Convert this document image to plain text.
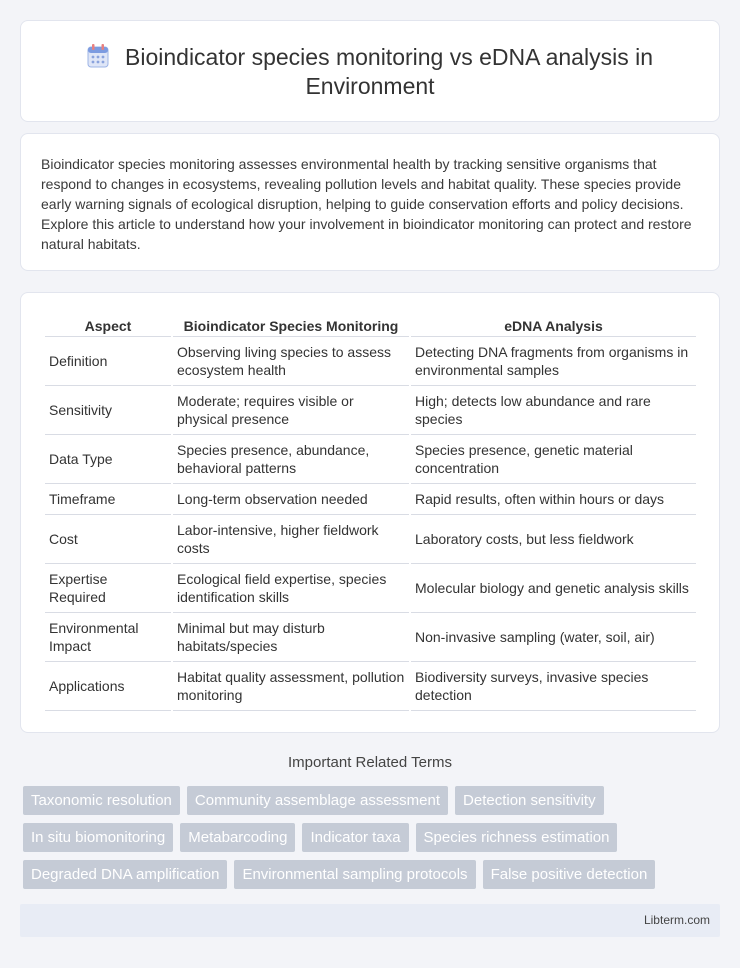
Bioindicator species monitoring vs eDNA analysis in Environment

Bioindicator species monitoring assesses environmental health by tracking sensitive organisms that respond to changes in ecosystems, revealing pollution levels and habitat quality. These species provide early warning signals of ecological disruption, helping to guide conservation efforts and policy decisions. Explore this article to understand how your involvement in bioindicator monitoring can protect and restore natural habitats.

Aspect	Bioindicator Species Monitoring	eDNA Analysis
Definition	Observing living species to assess ecosystem health	Detecting DNA fragments from organisms in environmental samples
Sensitivity	Moderate; requires visible or physical presence	High; detects low abundance and rare species
Data Type	Species presence, abundance, behavioral patterns	Species presence, genetic material concentration
Timeframe	Long-term observation needed	Rapid results, often within hours or days
Cost	Labor-intensive, higher fieldwork costs	Laboratory costs, but less fieldwork
Expertise Required	Ecological field expertise, species identification skills	Molecular biology and genetic analysis skills
Environmental Impact	Minimal but may disturb habitats/species	Non-invasive sampling (water, soil, air)
Applications	Habitat quality assessment, pollution monitoring	Biodiversity surveys, invasive species detection
Important Related Terms
Taxonomic resolution	Community assemblage assessment	Detection sensitivity
In situ biomonitoring	Metabarcoding	Indicator taxa	Species richness estimation
Degraded DNA amplification	Environmental sampling protocols	False positive detection
Libterm.com
